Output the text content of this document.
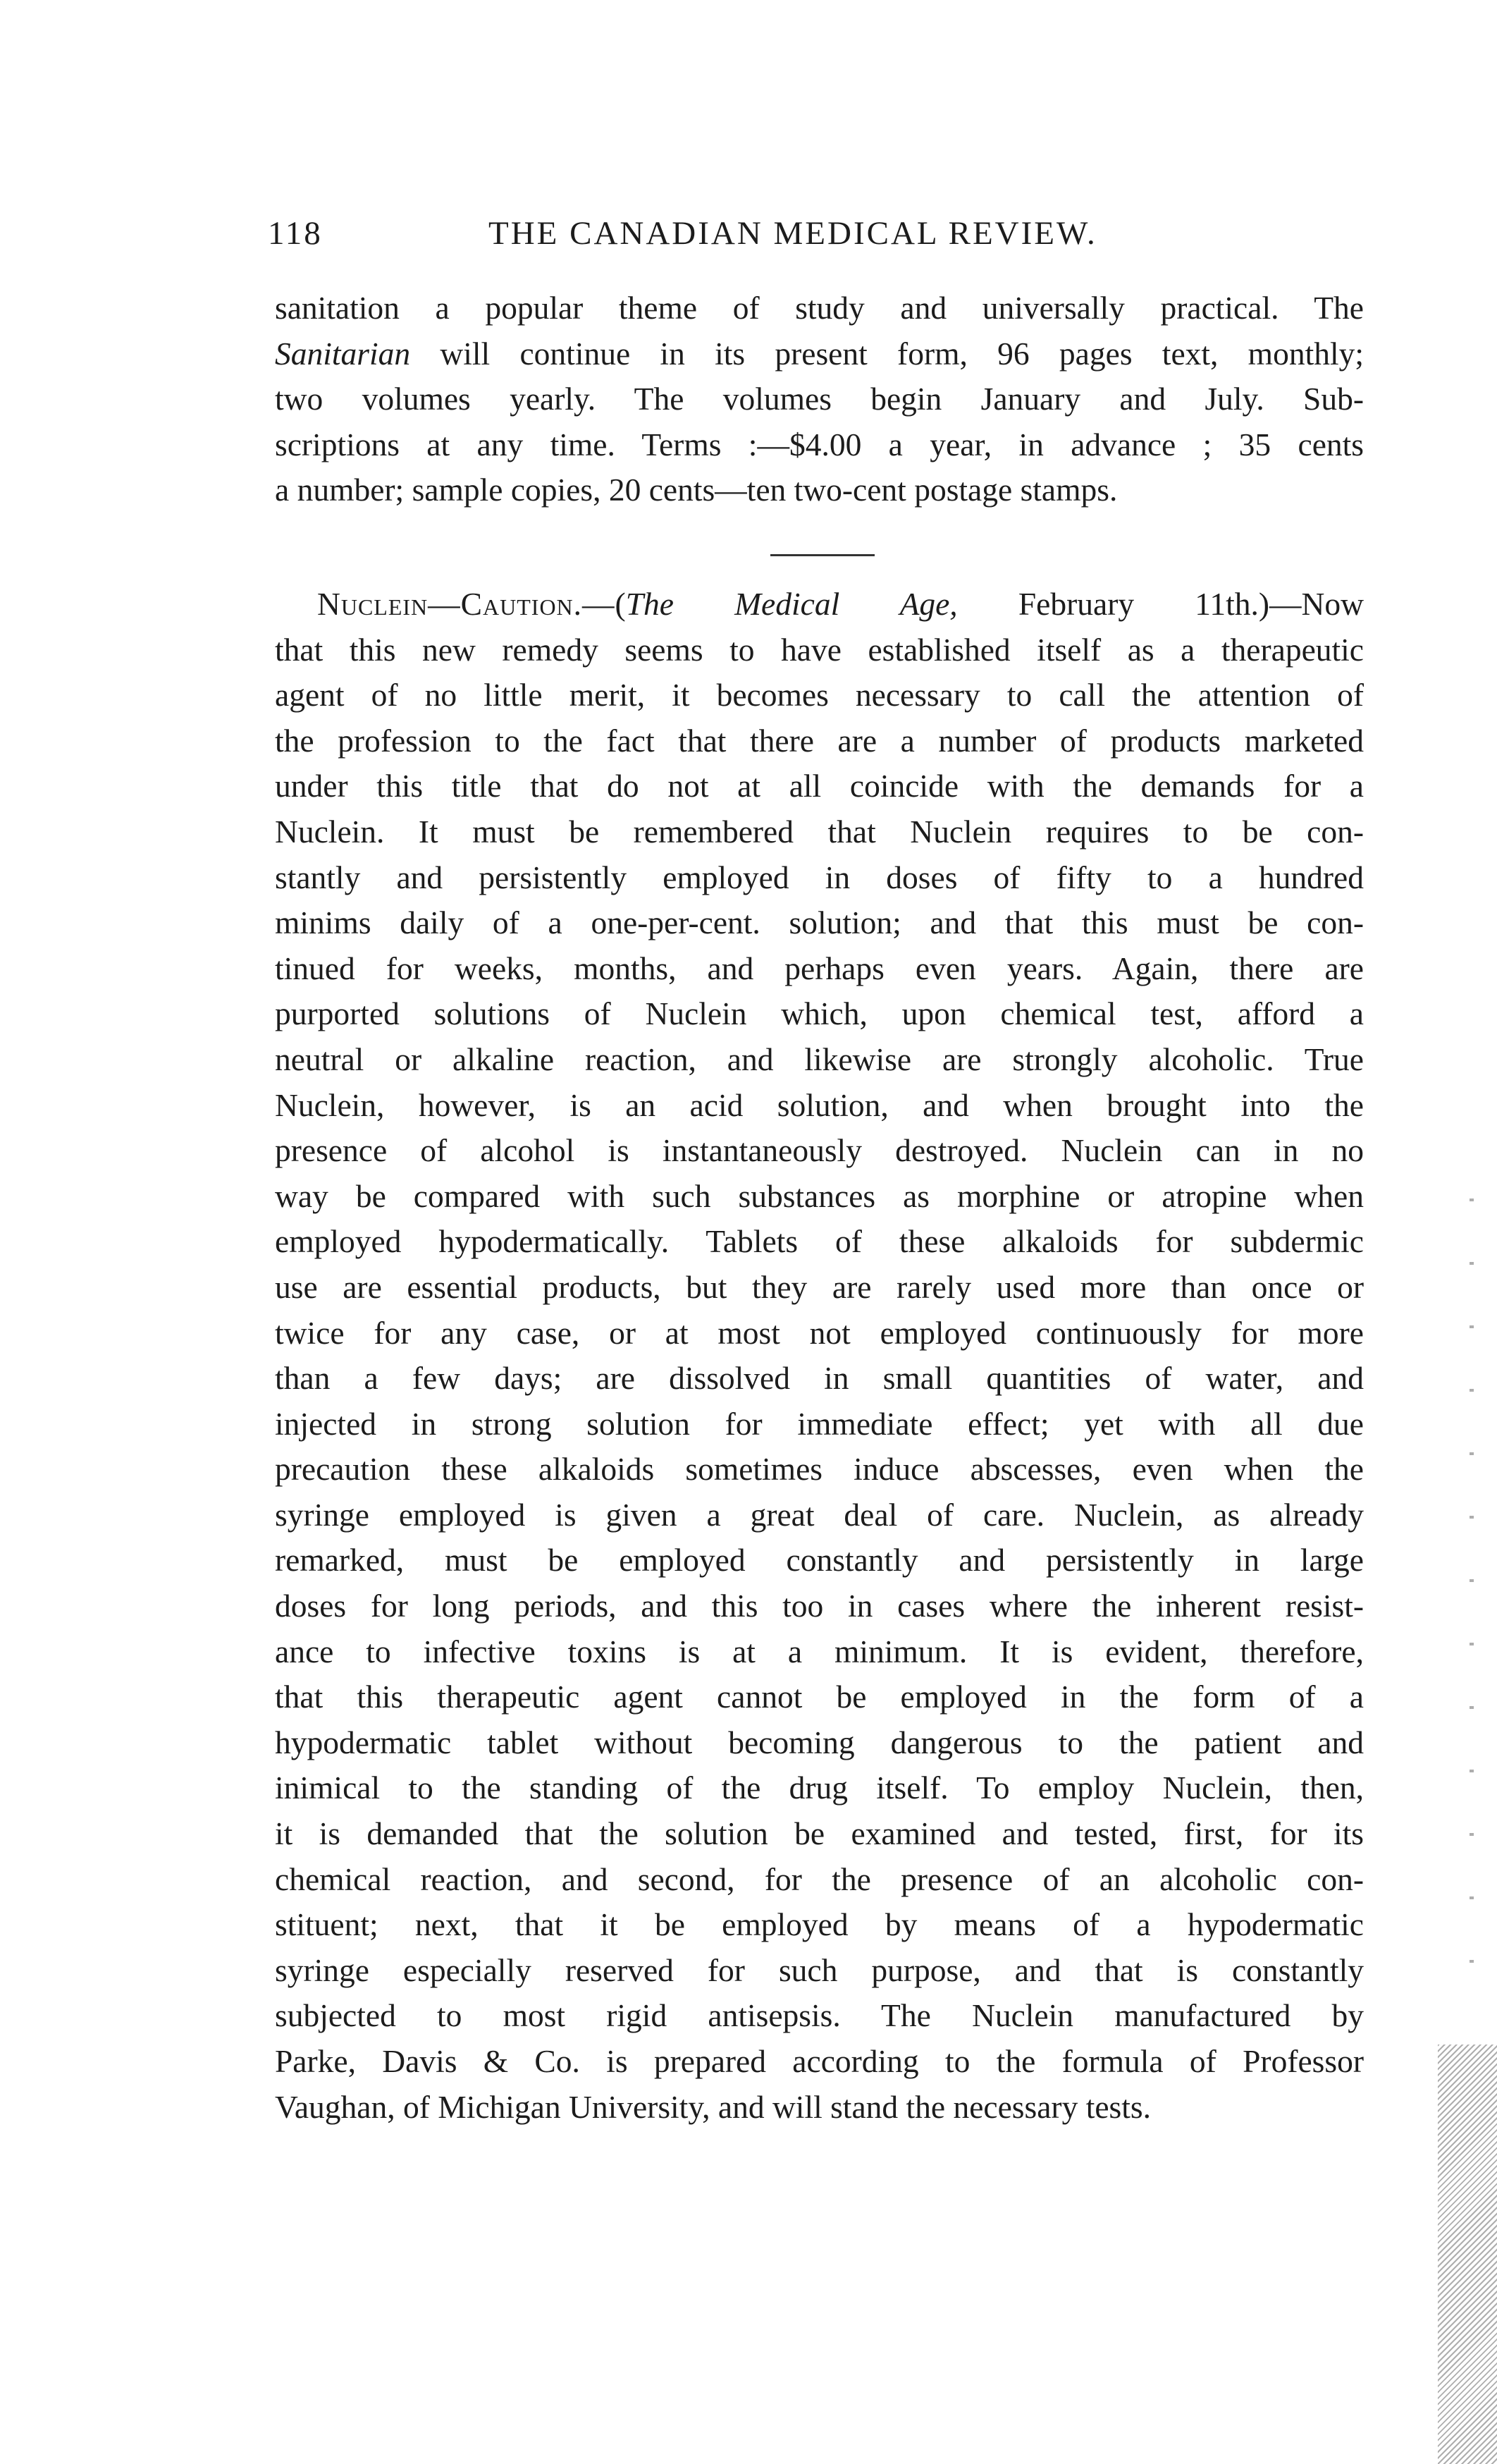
118	THE CANADIAN MEDICAL REVIEW.
sanitation a popular theme of study and universally practical. The
Sanitarian will continue in its present form, 96 pages text, monthly;
two volumes yearly. The volumes begin January and July. Sub-
scriptions at any time. Terms :—$4.00 a year, in advance ; 35 cents
a number; sample copies, 20 cents—ten two-cent postage stamps.
Nuclein—Caution.—(The Medical Age, February 11th.)—Now
that this new remedy seems to have established itself as a therapeutic
agent of no little merit, it becomes necessary to call the attention of
the profession to the fact that there are a number of products marketed
under this title that do not at all coincide with the demands for a
Nuclein. It must be remembered that Nuclein requires to be con-
stantly and persistently employed in doses of fifty to a hundred
minims daily of a one-per-cent. solution; and that this must be con-
tinued for weeks, months, and perhaps even years. Again, there are
purported solutions of Nuclein which, upon chemical test, afford a
neutral or alkaline reaction, and likewise are strongly alcoholic. True
Nuclein, however, is an acid solution, and when brought into the
presence of alcohol is instantaneously destroyed. Nuclein can in no
way be compared with such substances as morphine or atropine when
employed hypodermatically. Tablets of these alkaloids for subdermic
use are essential products, but they are rarely used more than once or
twice for any case, or at most not employed continuously for more
than a few days; are dissolved in small quantities of water, and
injected in strong solution for immediate effect; yet with all due
precaution these alkaloids sometimes induce abscesses, even when the
syringe employed is given a great deal of care. Nuclein, as already
remarked, must be employed constantly and persistently in large
doses for long periods, and this too in cases where the inherent resist-
ance to infective toxins is at a minimum. It is evident, therefore,
that this therapeutic agent cannot be employed in the form of a
hypodermatic tablet without becoming dangerous to the patient and
inimical to the standing of the drug itself. To employ Nuclein, then,
it is demanded that the solution be examined and tested, first, for its
chemical reaction, and second, for the presence of an alcoholic con-
stituent; next, that it be employed by means of a hypodermatic
syringe especially reserved for such purpose, and that is constantly
subjected to most rigid antisepsis. The Nuclein manufactured by
Parke, Davis & Co. is prepared according to the formula of Professor
Vaughan, of Michigan University, and will stand the necessary tests.
